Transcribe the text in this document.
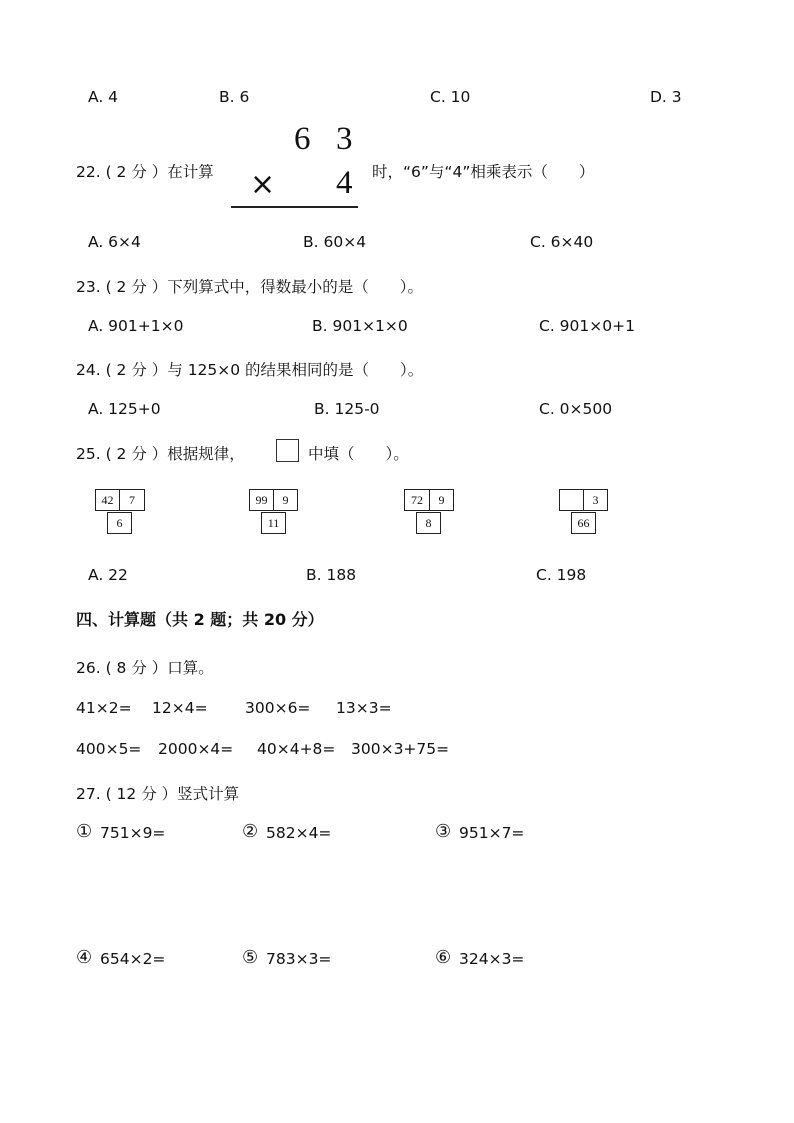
A. 4	B. 6	C. 10	D. 3
22. ( 2 分 ）在计算
6 3
× 4 时，“6”与“4”相乘表示（　　）
A. 6×4	B. 60×4	C. 6×40
23. ( 2 分 ）下列算式中，得数最小的是（　　）。
A. 901+1×0	B. 901×1×0	C. 901×0+1
24. ( 2 分 ）与 125×0 的结果相同的是（　　）。
A. 125+0	B. 125-0	C. 0×500
25. ( 2 分 ）根据规律，	中填（　　）。
42	7
6
99	9
11
72	9
8
3
66
A. 22	B. 188	C. 198
四、计算题（共 2 题；共 20 分）
26. ( 8 分 ）口算。
41×2= 12×4= 300×6= 13×3=
400×5= 2000×4= 40×4+8= 300×3+75=
27. ( 12 分 ）竖式计算
① 751×9=	② 582×4=	③ 951×7=
④ 654×2=	⑤ 783×3=	⑥ 324×3=
